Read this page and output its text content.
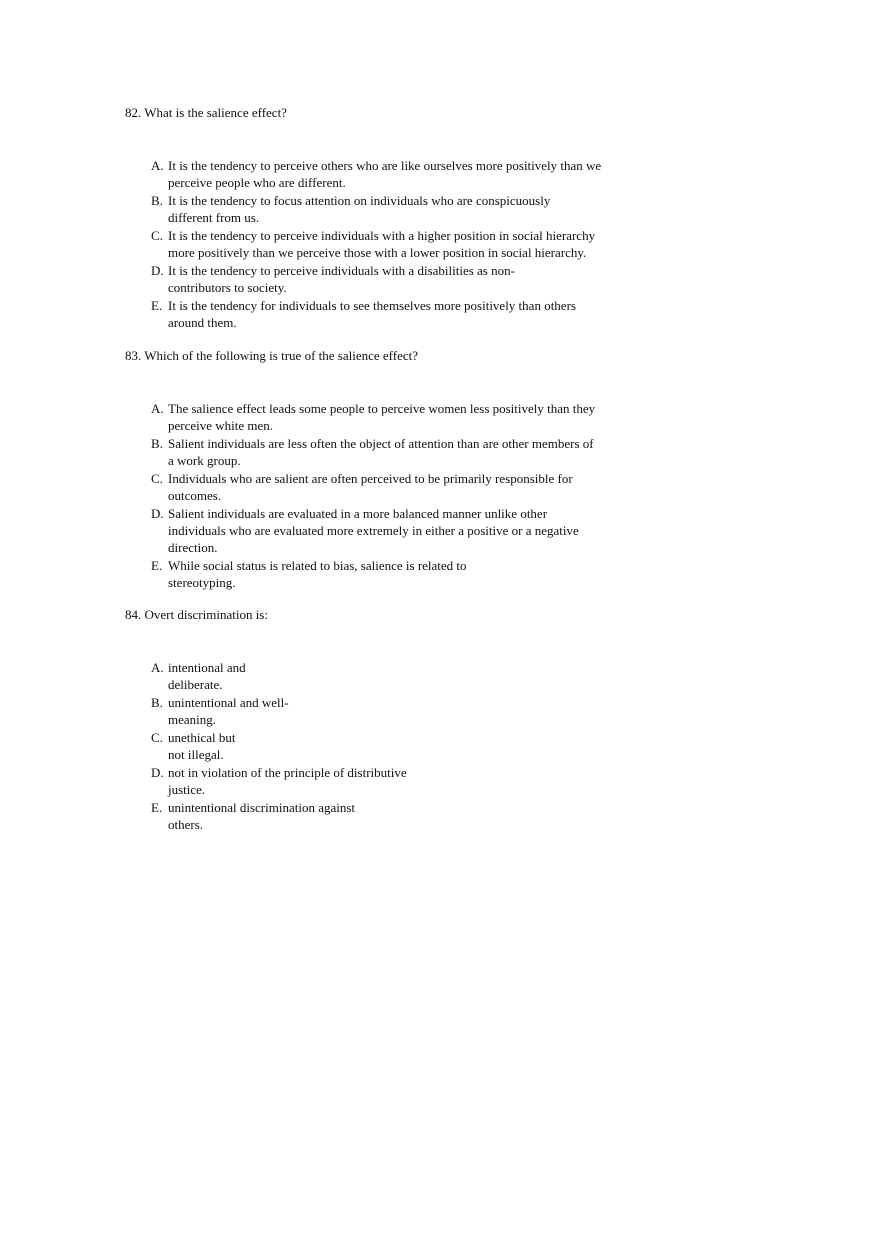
82. What is the salience effect?

A. It is the tendency to perceive others who are like ourselves more positively than we
perceive people who are different.
B. It is the tendency to focus attention on individuals who are conspicuously
different from us.
C. It is the tendency to perceive individuals with a higher position in social hierarchy
more positively than we perceive those with a lower position in social hierarchy.
D. It is the tendency to perceive individuals with a disabilities as non-
contributors to society.
E. It is the tendency for individuals to see themselves more positively than others
around them.

83. Which of the following is true of the salience effect?

A. The salience effect leads some people to perceive women less positively than they
perceive white men.
B. Salient individuals are less often the object of attention than are other members of
a work group.
C. Individuals who are salient are often perceived to be primarily responsible for
outcomes.
D. Salient individuals are evaluated in a more balanced manner unlike other
individuals who are evaluated more extremely in either a positive or a negative
direction.
E. While social status is related to bias, salience is related to
stereotyping.

84. Overt discrimination is:

A. intentional and
deliberate.
B. unintentional and well-
meaning.
C. unethical but
not illegal.
D. not in violation of the principle of distributive
justice.
E. unintentional discrimination against
others.
